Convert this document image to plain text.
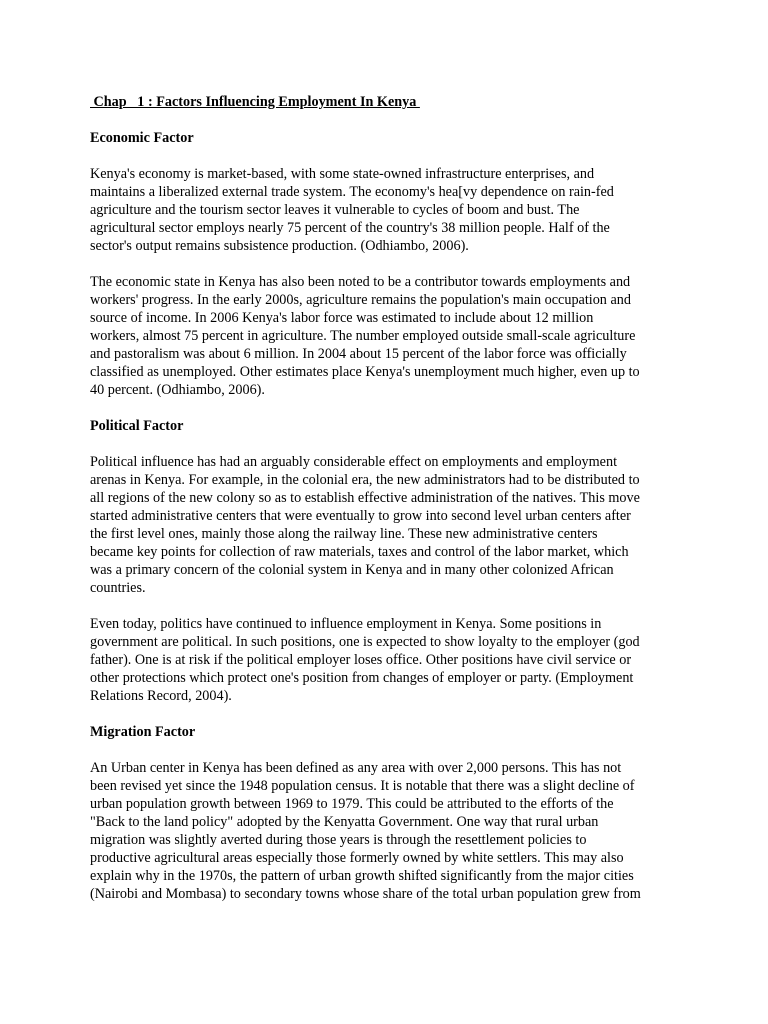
Chap   1 : Factors Influencing Employment In Kenya
Economic Factor
Kenya's economy is market-based, with some state-owned infrastructure enterprises, and
maintains a liberalized external trade system. The economy's hea[vy dependence on rain-fed
agriculture and the tourism sector leaves it vulnerable to cycles of boom and bust. The
agricultural sector employs nearly 75 percent of the country's 38 million people. Half of the
sector's output remains subsistence production. (Odhiambo, 2006).
The economic state in Kenya has also been noted to be a contributor towards employments and
workers' progress. In the early 2000s, agriculture remains the population's main occupation and
source of income. In 2006 Kenya's labor force was estimated to include about 12 million
workers, almost 75 percent in agriculture. The number employed outside small-scale agriculture
and pastoralism was about 6 million. In 2004 about 15 percent of the labor force was officially
classified as unemployed. Other estimates place Kenya's unemployment much higher, even up to
40 percent. (Odhiambo, 2006).
Political Factor
Political influence has had an arguably considerable effect on employments and employment
arenas in Kenya. For example, in the colonial era, the new administrators had to be distributed to
all regions of the new colony so as to establish effective administration of the natives. This move
started administrative centers that were eventually to grow into second level urban centers after
the first level ones, mainly those along the railway line. These new administrative centers
became key points for collection of raw materials, taxes and control of the labor market, which
was a primary concern of the colonial system in Kenya and in many other colonized African
countries.
Even today, politics have continued to influence employment in Kenya. Some positions in
government are political. In such positions, one is expected to show loyalty to the employer (god
father). One is at risk if the political employer loses office. Other positions have civil service or
other protections which protect one's position from changes of employer or party. (Employment
Relations Record, 2004).
Migration Factor
An Urban center in Kenya has been defined as any area with over 2,000 persons. This has not
been revised yet since the 1948 population census. It is notable that there was a slight decline of
urban population growth between 1969 to 1979. This could be attributed to the efforts of the
"Back to the land policy" adopted by the Kenyatta Government. One way that rural urban
migration was slightly averted during those years is through the resettlement policies to
productive agricultural areas especially those formerly owned by white settlers. This may also
explain why in the 1970s, the pattern of urban growth shifted significantly from the major cities
(Nairobi and Mombasa) to secondary towns whose share of the total urban population grew from
